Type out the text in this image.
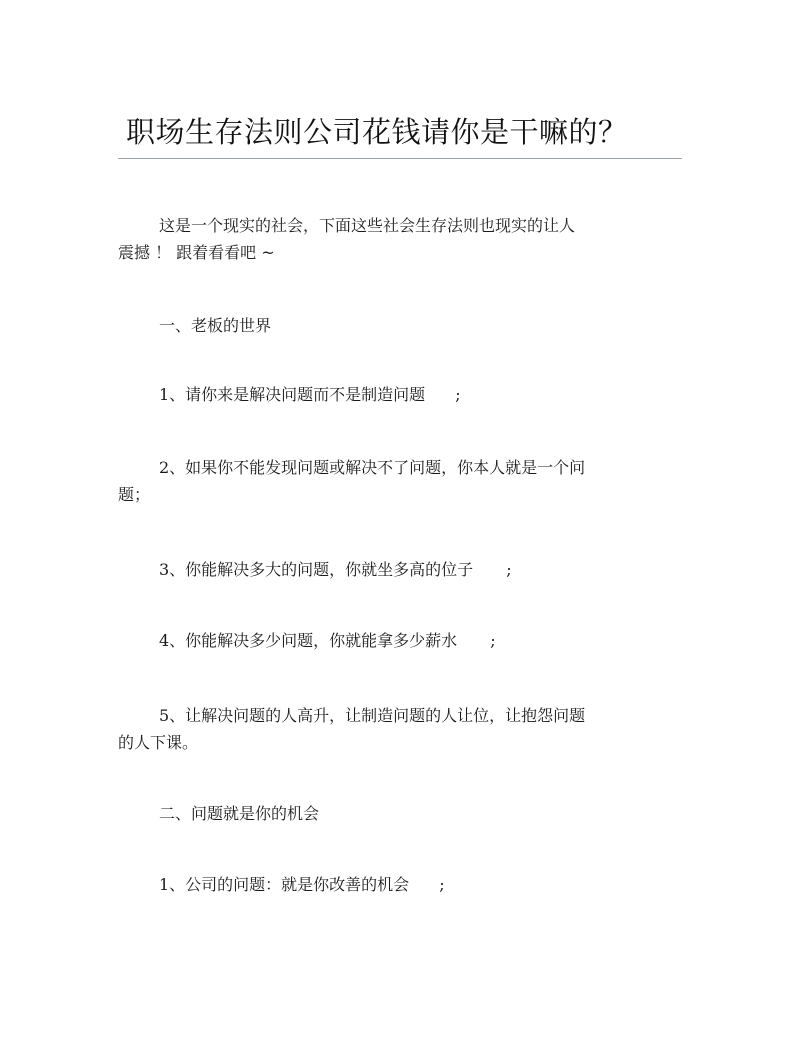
职场生存法则公司花钱请你是干嘛的？
这是一个现实的社会，下面这些社会生存法则也现实的让人
震撼 ！ 跟着看看吧 ~
一、老板的世界
1、请你来是解决问题而不是制造问题 ;
2、如果你不能发现问题或解决不了问题，你本人就是一个问
题；
3、你能解决多大的问题，你就坐多高的位子 ;
4、你能解决多少问题，你就能拿多少薪水 ;
5、让解决问题的人高升，让制造问题的人让位，让抱怨问题
的人下课。
二、问题就是你的机会
1、公司的问题：就是你改善的机会 ;
